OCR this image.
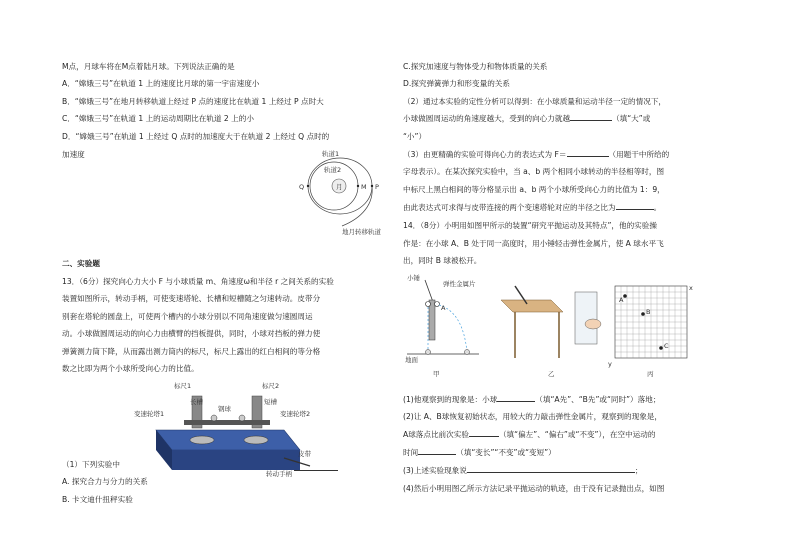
M点，月球车将在M点着陆月球。下列说法正确的是

A．“嫦娥三号”在轨道 1 上的速度比月球的第一宇宙速度小

B．“嫦娥三号”在地月转移轨道上经过 P 点的速度比在轨道 1 上经过 P 点时大

C．“嫦娥三号”在轨道 1 上的运动周期比在轨道 2 上的小

D．“嫦娥三号”在轨道 1 上经过 Q 点时的加速度大于在轨道 2 上经过 Q 点时的

加速度	轨道1
轨道2
月
Q	M P
地月转移轨道

二、实验题

13．（6分）探究向心力大小 F 与小球质量 m、角速度ω和半径 r 之间关系的实验

装置如图所示，转动手柄，可使变速塔轮、长槽和短槽随之匀速转动。皮带分

别套在塔轮的圆盘上，可使两个槽内的小球分别以不同角速度做匀速圆周运

动。小球做圆周运动的向心力由横臂的挡板提供，同时，小球对挡板的弹力使

弹簧测力筒下降，从而露出测力筒内的标尺，标尺上露出的红白相间的等分格

数之比即为两个小球所受向心力的比值。

标尺1	标尺2
钢球
变速轮塔1	变速轮塔2
长槽	短槽
转动手柄
皮带

（1）下列实验中

A. 探究合力与分力的关系

B. 卡文迪什扭秤实验

C.探究加速度与物体受力和物体质量的关系

D.探究弹簧弹力和形变量的关系

（2）通过本实验的定性分析可以得到：在小球质量和运动半径一定的情况下，

小球做圆周运动的角速度越大，受到的向心力就越	（填“大”或

“小”）

（3）由更精确的实验可得向心力的表达式为 F＝	（用题干中所给的

字母表示）。在某次探究实验中，当 a、b 两个相同小球转动的半径相等时，图

中标尺上黑白相间的等分格显示出 a、b 两个小球所受向心力的比值为 1：9，

由此表达式可求得与皮带连接的两个变速塔轮对应的半径之比为	。

14．（8分）小明用如图甲所示的装置“研究平抛运动及其特点”，他的实验操

作是：在小球 A、B 处于同一高度时，用小锤轻击弹性金属片，使 A 球水平飞

出，同时 B 球被松开。

小锤
弹性金属片
A
地面
甲	乙
A
B
C
x
y
丙

(1)他观察到的现象是：小球	（填“A先”、“B先”或“同时”）落地；

(2)让 A、B球恢复初始状态，用较大的力敲击弹性金属片，观察到的现象是，

A球落点比前次实验	（填“偏左”、“偏右”或“不变”），在空中运动的

时间	（填“变长”“不变”或“变短”）

(3)上述实验现象说	；

(4)然后小明用图乙所示方法记录平抛运动的轨迹，由于没有记录抛出点，如图
